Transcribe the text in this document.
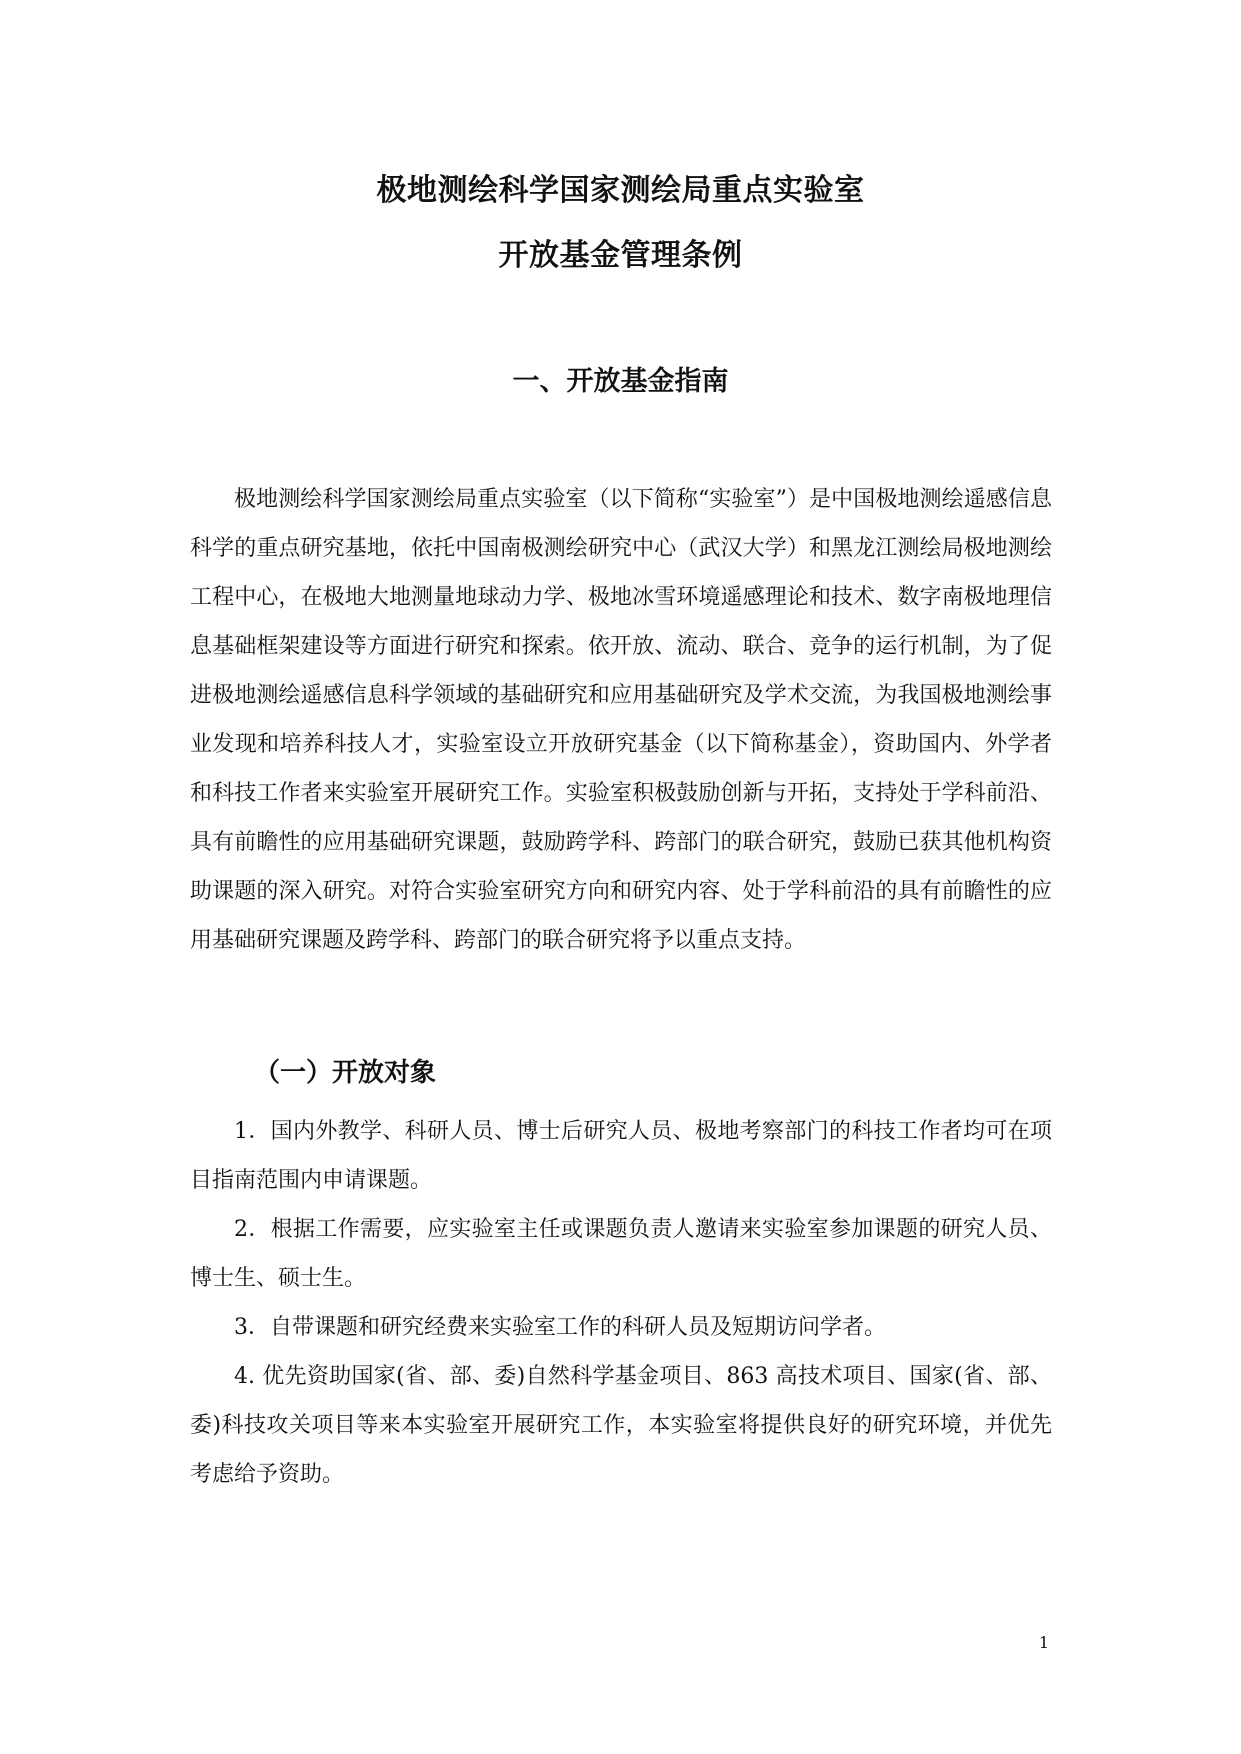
极地测绘科学国家测绘局重点实验室
开放基金管理条例
一、开放基金指南

极地测绘科学国家测绘局重点实验室（以下简称“实验室”）是中国极地测绘遥感信息科学的重点研究基地，依托中国南极测绘研究中心（武汉大学）和黑龙江测绘局极地测绘工程中心，在极地大地测量地球动力学、极地冰雪环境遥感理论和技术、数字南极地理信息基础框架建设等方面进行研究和探索。依开放、流动、联合、竞争的运行机制，为了促进极地测绘遥感信息科学领域的基础研究和应用基础研究及学术交流，为我国极地测绘事业发现和培养科技人才，实验室设立开放研究基金（以下简称基金），资助国内、外学者和科技工作者来实验室开展研究工作。实验室积极鼓励创新与开拓，支持处于学科前沿、具有前瞻性的应用基础研究课题，鼓励跨学科、跨部门的联合研究，鼓励已获其他机构资助课题的深入研究。对符合实验室研究方向和研究内容、处于学科前沿的具有前瞻性的应用基础研究课题及跨学科、跨部门的联合研究将予以重点支持。

（一）开放对象

1．国内外教学、科研人员、博士后研究人员、极地考察部门的科技工作者均可在项目指南范围内申请课题。

2．根据工作需要，应实验室主任或课题负责人邀请来实验室参加课题的研究人员、博士生、硕士生。

3．自带课题和研究经费来实验室工作的科研人员及短期访问学者。

4. 优先资助国家(省、部、委)自然科学基金项目、863 高技术项目、国家(省、部、委)科技攻关项目等来本实验室开展研究工作，本实验室将提供良好的研究环境，并优先考虑给予资助。

1
